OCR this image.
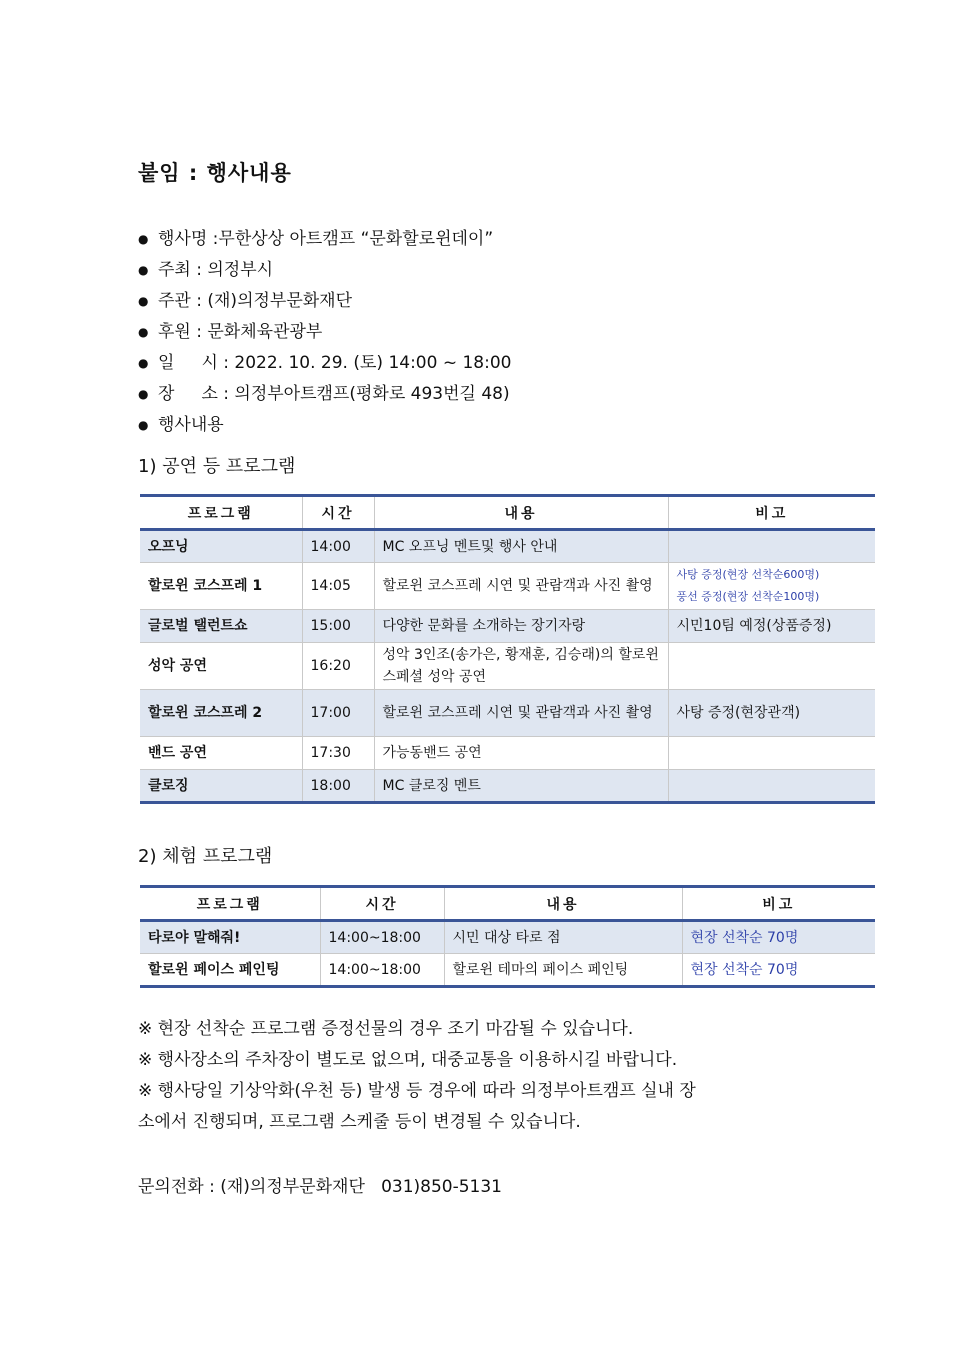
붙임 : 행사내용
● 행사명 :무한상상 아트캠프 “문화할로윈데이”
● 주최 : 의정부시
● 주관 : (재)의정부문화재단
● 후원 : 문화체육관광부
● 일     시 : 2022. 10. 29. (토) 14:00 ~ 18:00
● 장     소 : 의정부아트캠프(평화로 493번길 48)
● 행사내용
1) 공연 등 프로그램
프로그램	시간	내용	비고
오프닝	14:00	MC 오프닝 멘트및 행사 안내	
할로윈 코스프레 1	14:05	할로윈 코스프레 시연 및 관람객과 사진 촬영	사탕 증정(현장 선착순600명)
풍선 증정(현장 선착순100명)

글로벌 탤런트쇼	15:00	다양한 문화를 소개하는 장기자랑	시민10팀 예정(상품증정)
성악 공연	16:20	성악 3인조(송가은, 황재훈, 김승래)의 할로윈 스페셜 성악 공연	
할로윈 코스프레 2	17:00	할로윈 코스프레 시연 및 관람객과 사진 촬영	사탕 증정(현장관객)
밴드 공연	17:30	가능동밴드 공연	
클로징	18:00	MC 클로징 멘트	
2) 체험 프로그램
프로그램	시간	내용	비고
타로야 말해줘!	14:00~18:00	시민 대상 타로 점	현장 선착순 70명
할로윈 페이스 페인팅	14:00~18:00	할로윈 테마의 페이스 페인팅	현장 선착순 70명

※ 현장 선착순 프로그램 증정선물의 경우 조기 마감될 수 있습니다.

※ 행사장소의 주차장이 별도로 없으며, 대중교통을 이용하시길 바랍니다.

※ 행사당일 기상악화(우천 등) 발생 등 경우에 따라 의정부아트캠프 실내 장

소에서 진행되며, 프로그램 스케줄 등이 변경될 수 있습니다.

문의전화 : (재)의정부문화재단   031)850-5131
